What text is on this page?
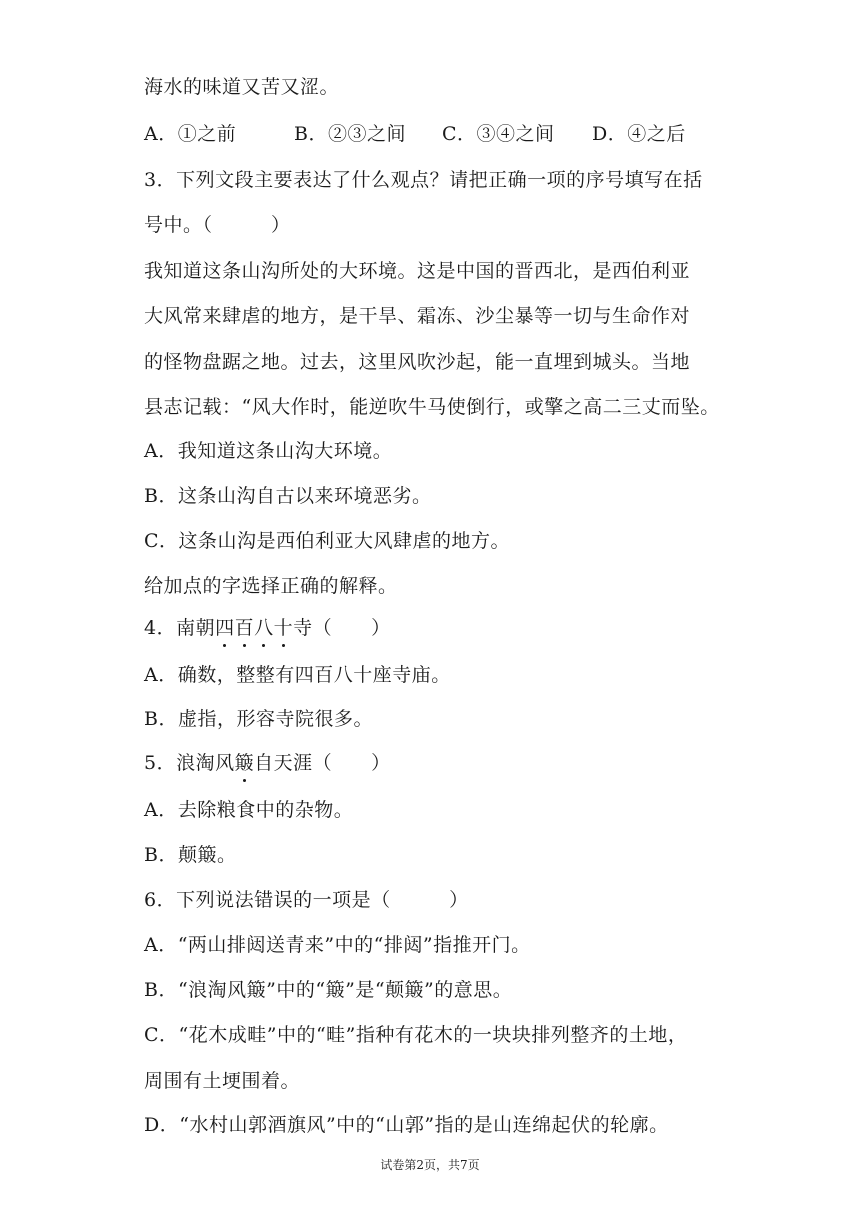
海水的味道又苦又涩。
A．①之前	B．②③之间 C．③④之间 D．④之后
3．下列文段主要表达了什么观点？请把正确一项的序号填写在括
号中。（　　　）
我知道这条山沟所处的大环境。这是中国的晋西北，是西伯利亚
大风常来肆虐的地方，是干旱、霜冻、沙尘暴等一切与生命作对
的怪物盘踞之地。过去，这里风吹沙起，能一直埋到城头。当地
县志记载：“风大作时，能逆吹牛马使倒行，或擎之高二三丈而坠。
A．我知道这条山沟大环境。
B．这条山沟自古以来环境恶劣。
C．这条山沟是西伯利亚大风肆虐的地方。
给加点的字选择正确的解释。
4．南朝四百八十寺（　　）
A．确数，整整有四百八十座寺庙。
B．虚指，形容寺院很多。
5．浪淘风簸自天涯（　　）
A．去除粮食中的杂物。
B．颠簸。
6．下列说法错误的一项是（　　　）
A．“两山排闼送青来”中的“排闼”指推开门。
B．“浪淘风簸”中的“簸”是“颠簸”的意思。
C．“花木成畦”中的“畦”指种有花木的一块块排列整齐的土地，
周围有土埂围着。
D．“水村山郭酒旗风”中的“山郭”指的是山连绵起伏的轮廓。
试卷第2页，共7页
